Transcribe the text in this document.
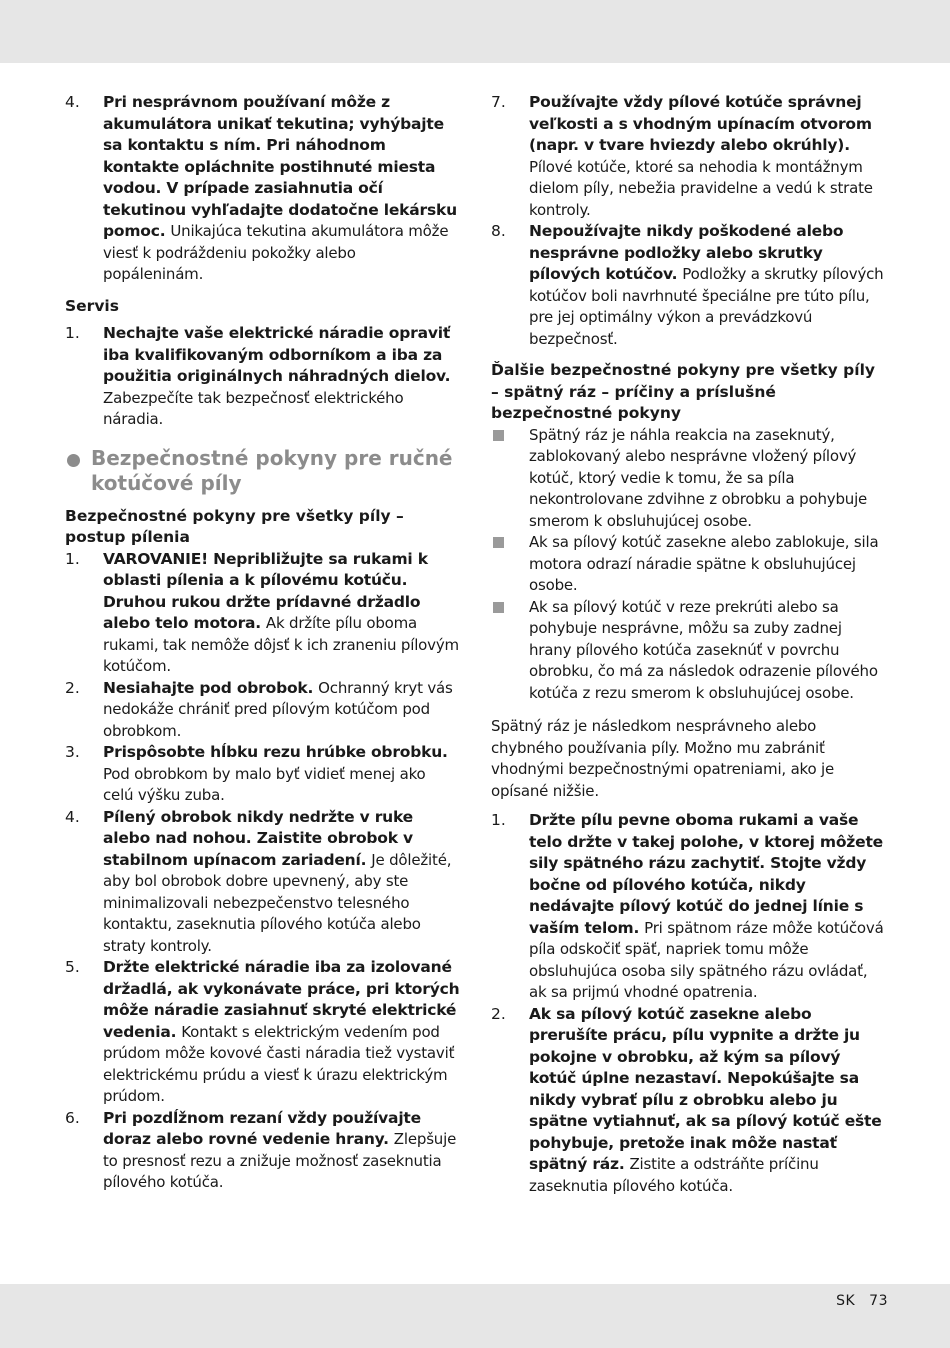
4. Pri nesprávnom používaní môže z akumulátora unikať tekutina; vyhýbajte sa kontaktu s ním. Pri náhodnom kontakte opláchnite postihnuté miesta vodou. V prípade zasiahnutia očí tekutinou vyhľadajte dodatočne lekársku pomoc. Unikajúca tekutina akumulátora môže viesť k podráždeniu pokožky alebo popáleninám.

Servis

1. Nechajte vaše elektrické náradie opraviť iba kvalifikovaným odborníkom a iba za použitia originálnych náhradných dielov. Zabezpečíte tak bezpečnosť elektrického náradia.
Bezpečnostné pokyny pre ručné kotúčové píly

Bezpečnostné pokyny pre všetky píly – postup pílenia

1. VAROVANIE! Nepribližujte sa rukami k oblasti pílenia a k pílovému kotúču. Druhou rukou držte prídavné držadlo alebo telo motora. Ak držíte pílu oboma rukami, tak nemôže dôjsť k ich zraneniu pílovým kotúčom.
2. Nesiahajte pod obrobok. Ochranný kryt vás nedokáže chrániť pred pílovým kotúčom pod obrobkom.
3. Prispôsobte hĺbku rezu hrúbke obrobku. Pod obrobkom by malo byť vidieť menej ako celú výšku zuba.
4. Pílený obrobok nikdy nedržte v ruke alebo nad nohou. Zaistite obrobok v stabilnom upínacom zariadení. Je dôležité, aby bol obrobok dobre upevnený, aby ste minimalizovali nebezpečenstvo telesného kontaktu, zaseknutia pílového kotúča alebo straty kontroly.
5. Držte elektrické náradie iba za izolované držadlá, ak vykonávate práce, pri ktorých môže náradie zasiahnuť skryté elektrické vedenia. Kontakt s elektrickým vedením pod prúdom môže kovové časti náradia tiež vystaviť elektrickému prúdu a viesť k úrazu elektrickým prúdom.
6. Pri pozdĺžnom rezaní vždy používajte doraz alebo rovné vedenie hrany. Zlepšuje to presnosť rezu a znižuje možnosť zaseknutia pílového kotúča.
7. Používajte vždy pílové kotúče správnej veľkosti a s vhodným upínacím otvorom (napr. v tvare hviezdy alebo okrúhly). Pílové kotúče, ktoré sa nehodia k montážnym dielom píly, nebežia pravidelne a vedú k strate kontroly.
8. Nepoužívajte nikdy poškodené alebo nesprávne podložky alebo skrutky pílových kotúčov. Podložky a skrutky pílových kotúčov boli navrhnuté špeciálne pre túto pílu, pre jej optimálny výkon a prevádzkovú bezpečnosť.

Ďalšie bezpečnostné pokyny pre všetky píly – spätný ráz – príčiny a príslušné bezpečnostné pokyny

Spätný ráz je náhla reakcia na zaseknutý, zablokovaný alebo nesprávne vložený pílový kotúč, ktorý vedie k tomu, že sa píla nekontrolovane zdvihne z obrobku a pohybuje smerom k obsluhujúcej osobe.
Ak sa pílový kotúč zasekne alebo zablokuje, sila motora odrazí náradie spätne k obsluhujúcej osobe.
Ak sa pílový kotúč v reze prekrúti alebo sa pohybuje nesprávne, môžu sa zuby zadnej hrany pílového kotúča zaseknúť v povrchu obrobku, čo má za následok odrazenie pílového kotúča z rezu smerom k obsluhujúcej osobe.

Spätný ráz je následkom nesprávneho alebo chybného používania píly. Možno mu zabrániť vhodnými bezpečnostnými opatreniami, ako je opísané nižšie.

1. Držte pílu pevne oboma rukami a vaše telo držte v takej polohe, v ktorej môžete sily spätného rázu zachytiť. Stojte vždy bočne od pílového kotúča, nikdy nedávajte pílový kotúč do jednej línie s vaším telom. Pri spätnom ráze môže kotúčová píla odskočiť späť, napriek tomu môže obsluhujúca osoba sily spätného rázu ovládať, ak sa prijmú vhodné opatrenia.
2. Ak sa pílový kotúč zasekne alebo prerušíte prácu, pílu vypnite a držte ju pokojne v obrobku, až kým sa pílový kotúč úplne nezastaví. Nepokúšajte sa nikdy vybrať pílu z obrobku alebo ju spätne vytiahnuť, ak sa pílový kotúč ešte pohybuje, pretože inak môže nastať spätný ráz. Zistite a odstráňte príčinu zaseknutia pílového kotúča.
SK 73
